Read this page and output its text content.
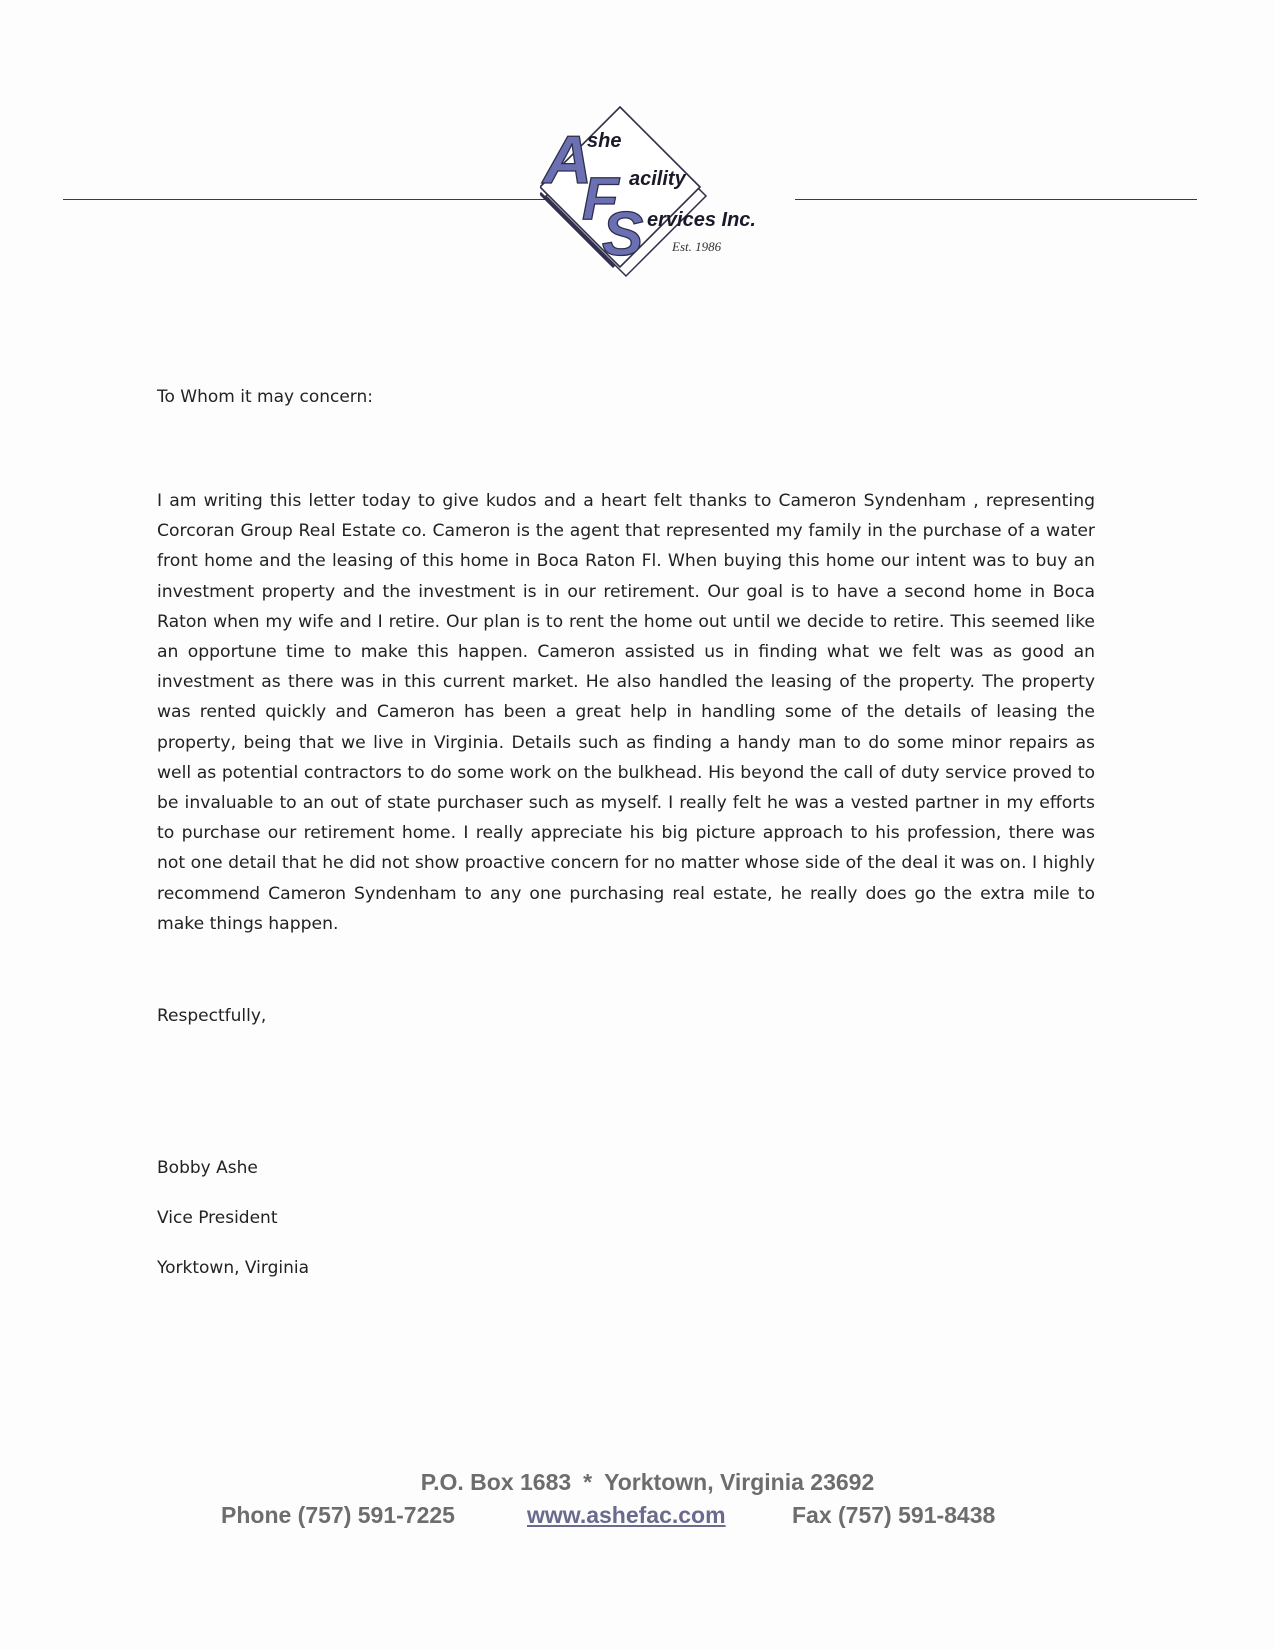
A
F
S
she
acility
ervices Inc.
Est. 1986
To Whom it may concern:

I am writing this letter today to give kudos and a heart felt thanks to Cameron Syndenham , representing Corcoran Group Real Estate co. Cameron is the agent that represented my family in the purchase of a water front home and the leasing of this home in Boca Raton Fl. When buying this home our intent was to buy an investment property and the investment is in our retirement. Our goal is to have a second home in Boca Raton when my wife and I retire. Our plan is to rent the home out until we decide to retire. This seemed like an opportune time to make this happen. Cameron assisted us in finding what we felt was as good an investment as there was in this current market. He also handled the leasing of the property. The property was rented quickly and Cameron has been a great help in handling some of the details of leasing the property, being that we live in Virginia. Details such as finding a handy man to do some minor repairs as well as potential contractors to do some work on the bulkhead. His beyond the call of duty service proved to be invaluable to an out of state purchaser such as myself. I really felt he was a vested partner in my efforts to purchase our retirement home. I really appreciate his big picture approach to his profession, there was not one detail that he did not show proactive concern for no matter whose side of the deal it was on. I highly recommend Cameron Syndenham to any one purchasing real estate, he really does go the extra mile to make things happen.

Respectfully,
Bobby Ashe
Vice President
Yorktown, Virginia
P.O. Box 1683 * Yorktown, Virginia 23692
Phone (757) 591-7225	www.ashefac.com	Fax (757) 591-8438
